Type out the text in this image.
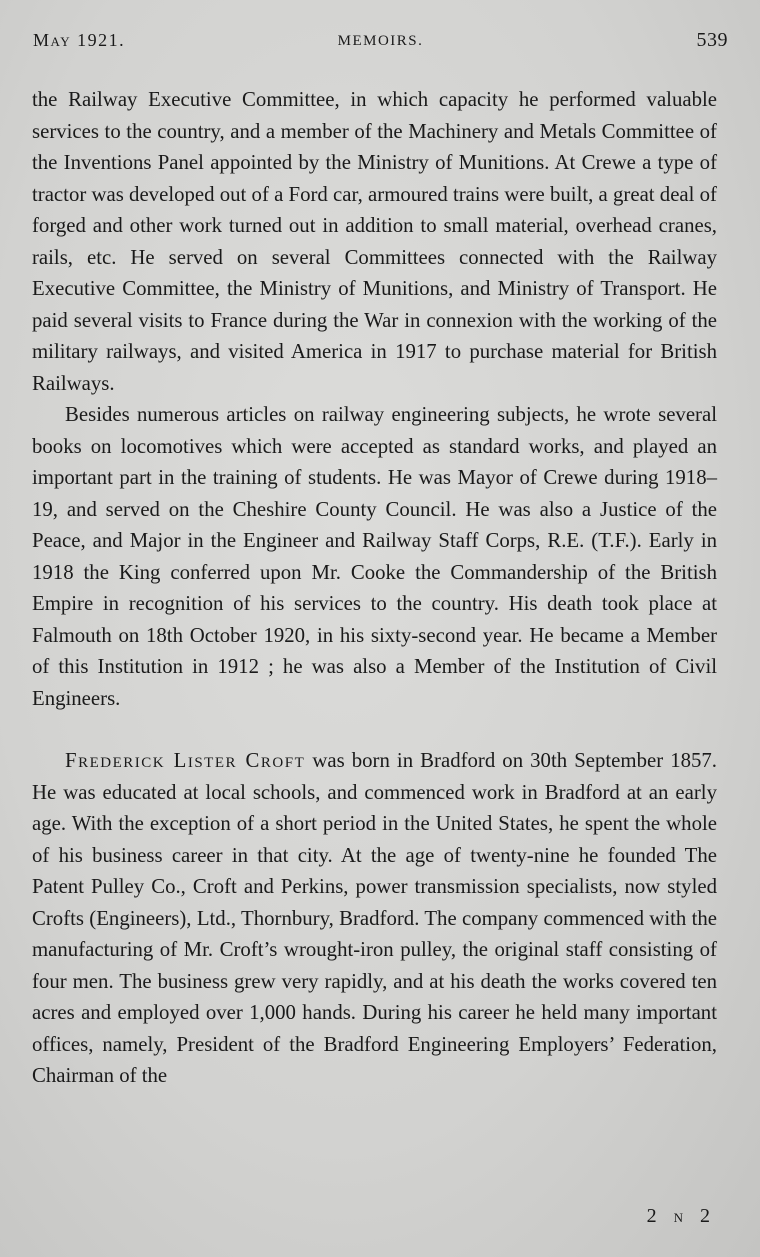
May 1921.	MEMOIRS.	539

the Railway Executive Committee, in which capacity he performed valuable services to the country, and a member of the Machinery and Metals Committee of the Inventions Panel appointed by the Ministry of Munitions. At Crewe a type of tractor was developed out of a Ford car, armoured trains were built, a great deal of forged and other work turned out in addition to small material, overhead cranes, rails, etc. He served on several Committees connected with the Railway Executive Committee, the Ministry of Munitions, and Ministry of Transport. He paid several visits to France during the War in connexion with the working of the military railways, and visited America in 1917 to purchase material for British Railways.

Besides numerous articles on railway engineering subjects, he wrote several books on locomotives which were accepted as standard works, and played an important part in the training of students. He was Mayor of Crewe during 1918–19, and served on the Cheshire County Council. He was also a Justice of the Peace, and Major in the Engineer and Railway Staff Corps, R.E. (T.F.). Early in 1918 the King conferred upon Mr. Cooke the Commandership of the British Empire in recognition of his services to the country. His death took place at Falmouth on 18th October 1920, in his sixty-second year. He became a Member of this Institution in 1912 ; he was also a Member of the Institution of Civil Engineers.

Frederick Lister Croft was born in Bradford on 30th September 1857. He was educated at local schools, and commenced work in Bradford at an early age. With the exception of a short period in the United States, he spent the whole of his business career in that city. At the age of twenty-nine he founded The Patent Pulley Co., Croft and Perkins, power transmission specialists, now styled Crofts (Engineers), Ltd., Thornbury, Bradford. The company commenced with the manufacturing of Mr. Croft’s wrought-iron pulley, the original staff consisting of four men. The business grew very rapidly, and at his death the works covered ten acres and employed over 1,000 hands. During his career he held many important offices, namely, President of the Bradford Engineering Employers’ Federation, Chairman of the

2 N 2
